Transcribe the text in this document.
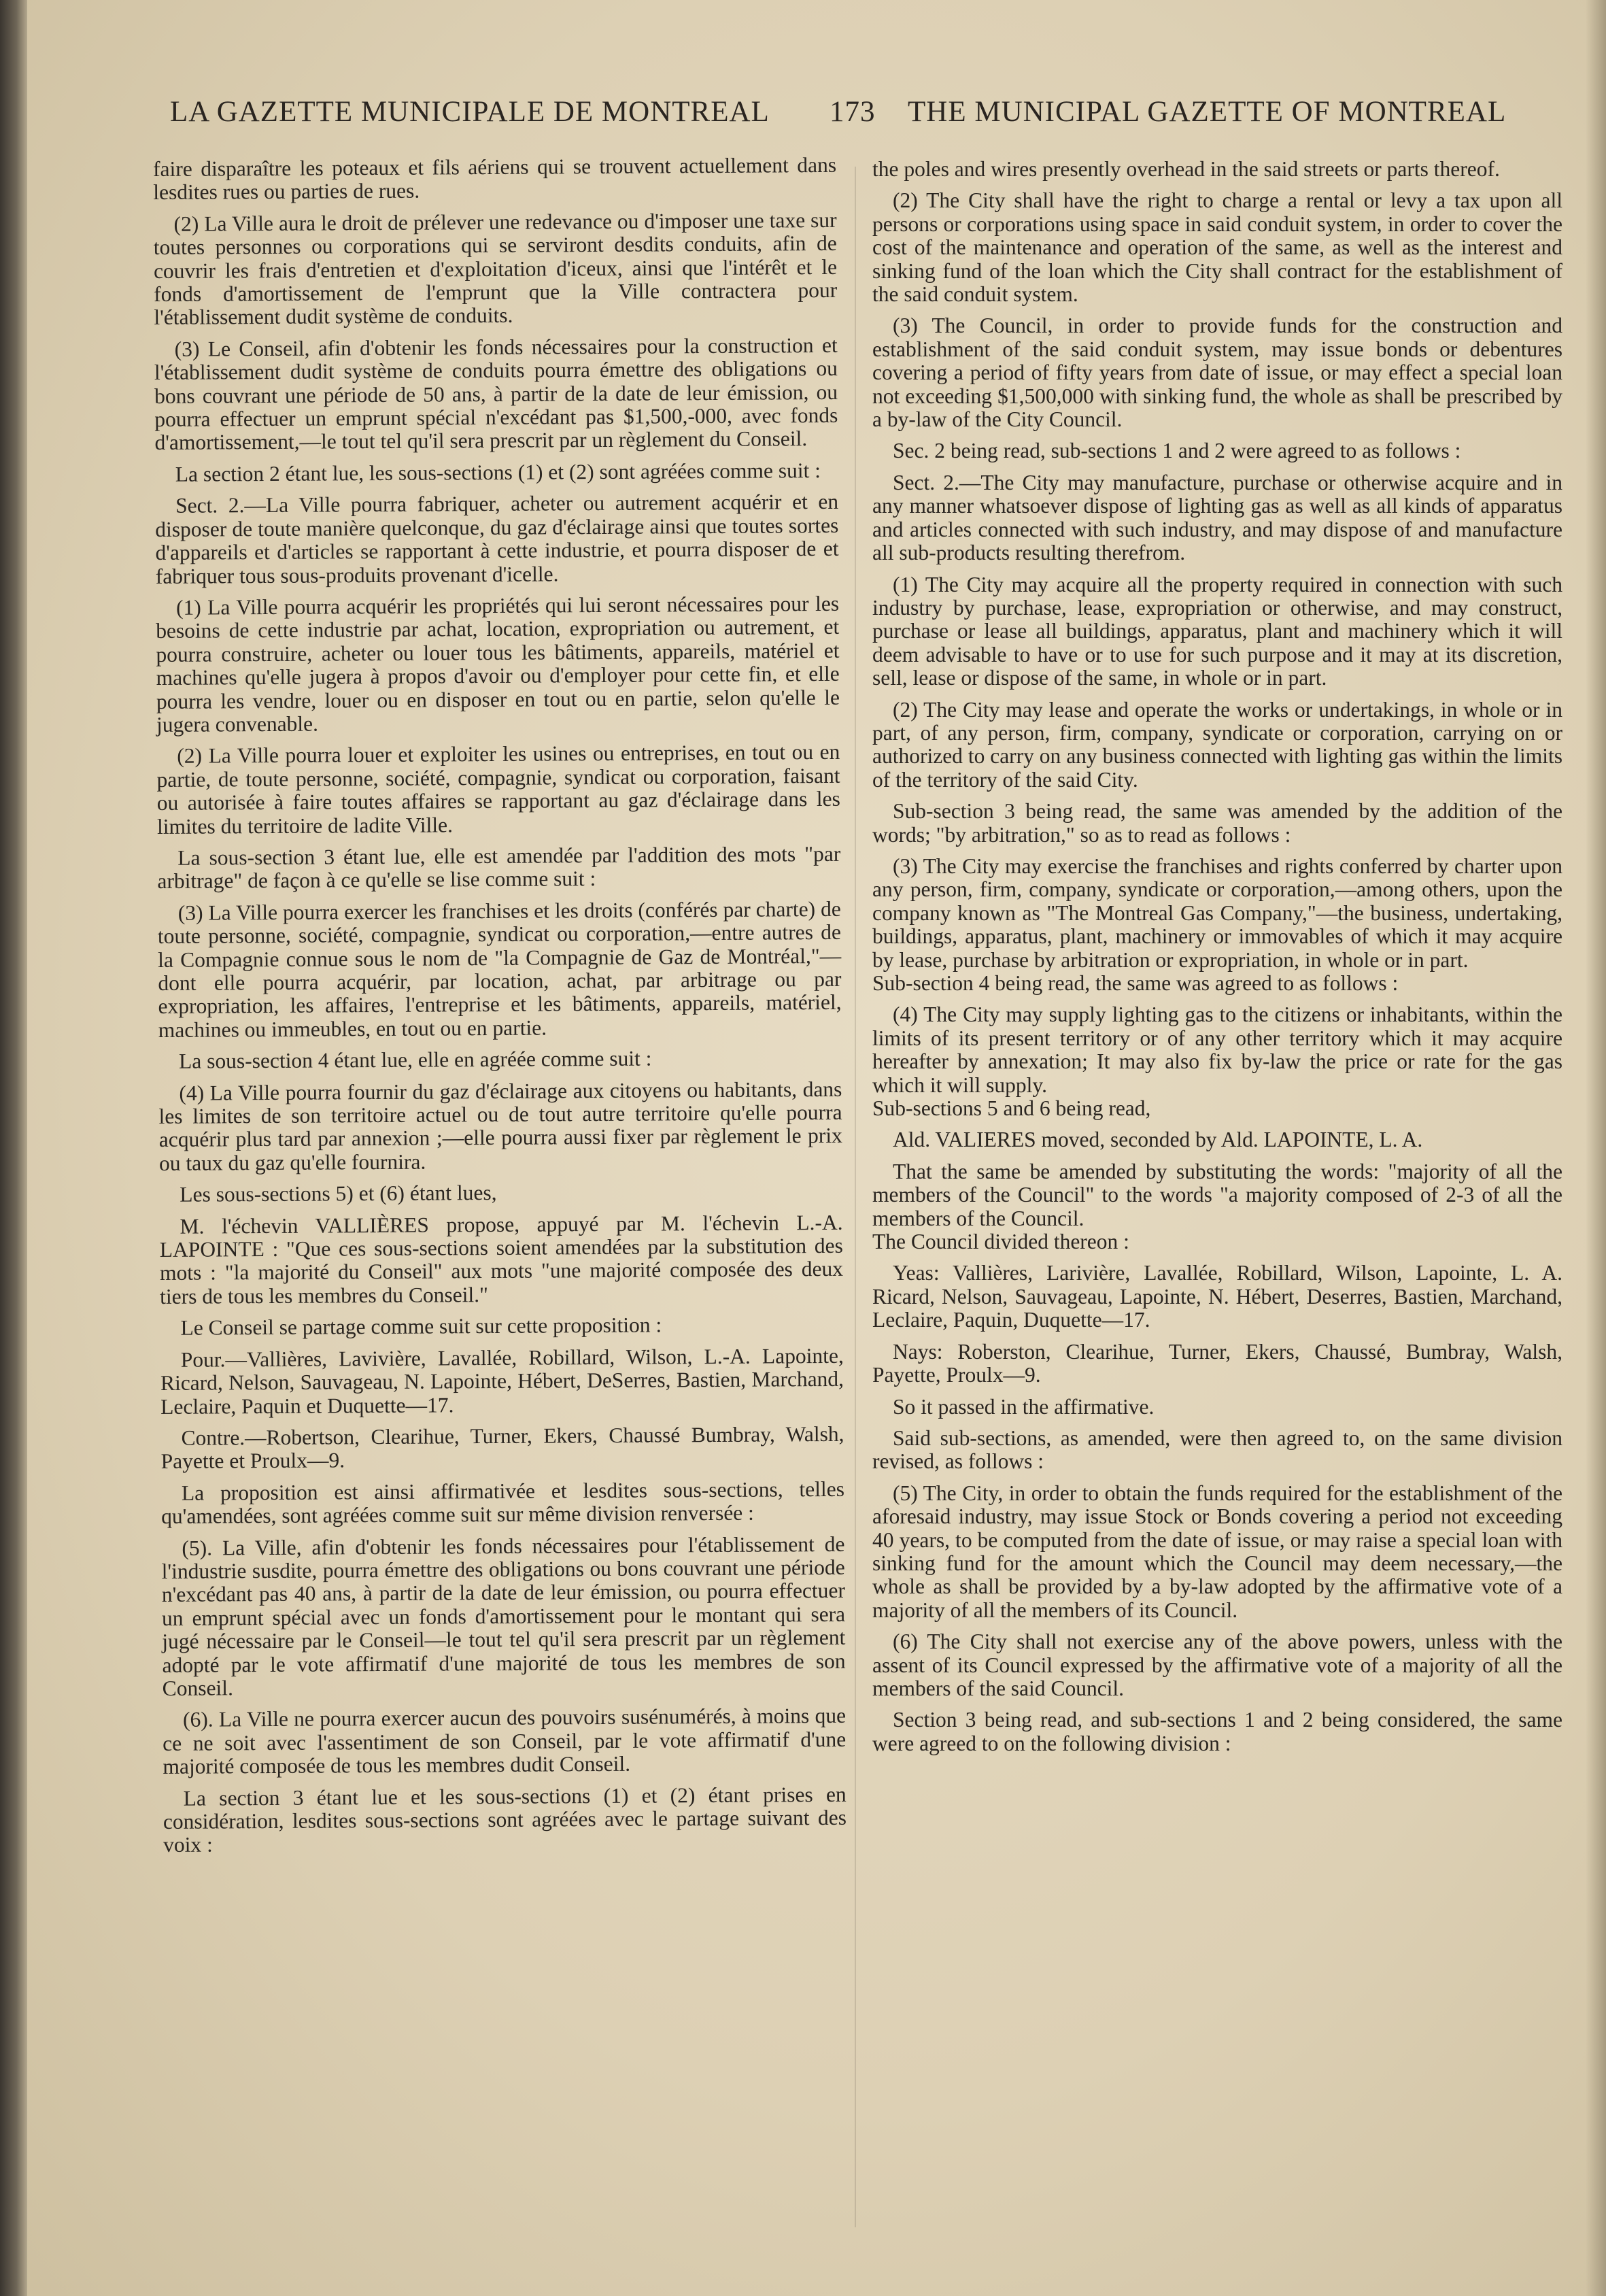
LA GAZETTE MUNICIPALE DE MONTREAL 173 THE MUNICIPAL GAZETTE OF MONTREAL

faire disparaître les poteaux et fils aériens qui se trouvent actuellement dans lesdites rues ou parties de rues.

(2) La Ville aura le droit de prélever une redevance ou d'imposer une taxe sur toutes personnes ou corporations qui se serviront desdits conduits, afin de couvrir les frais d'entretien et d'exploitation d'iceux, ainsi que l'intérêt et le fonds d'amortissement de l'emprunt que la Ville contractera pour l'établissement dudit système de conduits.

(3) Le Conseil, afin d'obtenir les fonds nécessaires pour la construction et l'établissement dudit système de conduits pourra émettre des obligations ou bons couvrant une période de 50 ans, à partir de la date de leur émission, ou pourra effectuer un emprunt spécial n'excédant pas $1,500,-000, avec fonds d'amortissement,—le tout tel qu'il sera prescrit par un règlement du Conseil.

La section 2 étant lue, les sous-sections (1) et (2) sont agréées comme suit :

Sect. 2.—La Ville pourra fabriquer, acheter ou autrement acquérir et en disposer de toute manière quelconque, du gaz d'éclairage ainsi que toutes sortes d'appareils et d'articles se rapportant à cette industrie, et pourra disposer de et fabriquer tous sous-produits provenant d'icelle.

(1) La Ville pourra acquérir les propriétés qui lui seront nécessaires pour les besoins de cette industrie par achat, location, expropriation ou autrement, et pourra construire, acheter ou louer tous les bâtiments, appareils, matériel et machines qu'elle jugera à propos d'avoir ou d'employer pour cette fin, et elle pourra les vendre, louer ou en disposer en tout ou en partie, selon qu'elle le jugera convenable.

(2) La Ville pourra louer et exploiter les usines ou entreprises, en tout ou en partie, de toute personne, société, compagnie, syndicat ou corporation, faisant ou autorisée à faire toutes affaires se rapportant au gaz d'éclairage dans les limites du territoire de ladite Ville.

La sous-section 3 étant lue, elle est amendée par l'addition des mots "par arbitrage" de façon à ce qu'elle se lise comme suit :

(3) La Ville pourra exercer les franchises et les droits (conférés par charte) de toute personne, société, compagnie, syndicat ou corporation,—entre autres de la Compagnie connue sous le nom de "la Compagnie de Gaz de Montréal,"—dont elle pourra acquérir, par location, achat, par arbitrage ou par expropriation, les affaires, l'entreprise et les bâtiments, appareils, matériel, machines ou immeubles, en tout ou en partie.

La sous-section 4 étant lue, elle en agréée comme suit :

(4) La Ville pourra fournir du gaz d'éclairage aux citoyens ou habitants, dans les limites de son territoire actuel ou de tout autre territoire qu'elle pourra acquérir plus tard par annexion ;—elle pourra aussi fixer par règlement le prix ou taux du gaz qu'elle fournira.

Les sous-sections 5) et (6) étant lues,

M. l'échevin VALLIÈRES propose, appuyé par M. l'échevin L.-A. LAPOINTE : "Que ces sous-sections soient amendées par la substitution des mots : "la majorité du Conseil" aux mots "une majorité composée des deux tiers de tous les membres du Conseil."

Le Conseil se partage comme suit sur cette proposition :

Pour.—Vallières, Lavivière, Lavallée, Robillard, Wilson, L.-A. Lapointe, Ricard, Nelson, Sauvageau, N. Lapointe, Hébert, DeSerres, Bastien, Marchand, Leclaire, Paquin et Duquette—17.

Contre.—Robertson, Clearihue, Turner, Ekers, Chaussé Bumbray, Walsh, Payette et Proulx—9.

La proposition est ainsi affirmativée et lesdites sous-sections, telles qu'amendées, sont agréées comme suit sur même division renversée :

(5). La Ville, afin d'obtenir les fonds nécessaires pour l'établissement de l'industrie susdite, pourra émettre des obligations ou bons couvrant une période n'excédant pas 40 ans, à partir de la date de leur émission, ou pourra effectuer un emprunt spécial avec un fonds d'amortissement pour le montant qui sera jugé nécessaire par le Conseil—le tout tel qu'il sera prescrit par un règlement adopté par le vote affirmatif d'une majorité de tous les membres de son Conseil.

(6). La Ville ne pourra exercer aucun des pouvoirs susénumérés, à moins que ce ne soit avec l'assentiment de son Conseil, par le vote affirmatif d'une majorité composée de tous les membres dudit Conseil.

La section 3 étant lue et les sous-sections (1) et (2) étant prises en considération, lesdites sous-sections sont agréées avec le partage suivant des voix :

the poles and wires presently overhead in the said streets or parts thereof.

(2) The City shall have the right to charge a rental or levy a tax upon all persons or corporations using space in said conduit system, in order to cover the cost of the maintenance and operation of the same, as well as the interest and sinking fund of the loan which the City shall contract for the establishment of the said conduit system.

(3) The Council, in order to provide funds for the construction and establishment of the said conduit system, may issue bonds or debentures covering a period of fifty years from date of issue, or may effect a special loan not exceeding $1,500,000 with sinking fund, the whole as shall be prescribed by a by-law of the City Council.

Sec. 2 being read, sub-sections 1 and 2 were agreed to as follows :

Sect. 2.—The City may manufacture, purchase or otherwise acquire and in any manner whatsoever dispose of lighting gas as well as all kinds of apparatus and articles connected with such industry, and may dispose of and manufacture all sub-products resulting therefrom.

(1) The City may acquire all the property required in connection with such industry by purchase, lease, expropriation or otherwise, and may construct, purchase or lease all buildings, apparatus, plant and machinery which it will deem advisable to have or to use for such purpose and it may at its discretion, sell, lease or dispose of the same, in whole or in part.

(2) The City may lease and operate the works or undertakings, in whole or in part, of any person, firm, company, syndicate or corporation, carrying on or authorized to carry on any business connected with lighting gas within the limits of the territory of the said City.

Sub-section 3 being read, the same was amended by the addition of the words; "by arbitration," so as to read as follows :

(3) The City may exercise the franchises and rights conferred by charter upon any person, firm, company, syndicate or corporation,—among others, upon the company known as "The Montreal Gas Company,"—the business, undertaking, buildings, apparatus, plant, machinery or immovables of which it may acquire by lease, purchase by arbitration or expropriation, in whole or in part.
Sub-section 4 being read, the same was agreed to as follows :

(4) The City may supply lighting gas to the citizens or inhabitants, within the limits of its present territory or of any other territory which it may acquire hereafter by annexation; It may also fix by-law the price or rate for the gas which it will supply.
Sub-sections 5 and 6 being read,

Ald. VALIERES moved, seconded by Ald. LAPOINTE, L. A.

That the same be amended by substituting the words: "majority of all the members of the Council" to the words "a majority composed of 2-3 of all the members of the Council.
The Council divided thereon :

Yeas: Vallières, Larivière, Lavallée, Robillard, Wilson, Lapointe, L. A. Ricard, Nelson, Sauvageau, Lapointe, N. Hébert, Deserres, Bastien, Marchand, Leclaire, Paquin, Duquette—17.

Nays: Roberston, Clearihue, Turner, Ekers, Chaussé, Bumbray, Walsh, Payette, Proulx—9.

So it passed in the affirmative.

Said sub-sections, as amended, were then agreed to, on the same division revised, as follows :

(5) The City, in order to obtain the funds required for the establishment of the aforesaid industry, may issue Stock or Bonds covering a period not exceeding 40 years, to be computed from the date of issue, or may raise a special loan with sinking fund for the amount which the Council may deem necessary,—the whole as shall be provided by a by-law adopted by the affirmative vote of a majority of all the members of its Council.

(6) The City shall not exercise any of the above powers, unless with the assent of its Council expressed by the affirmative vote of a majority of all the members of the said Council.

Section 3 being read, and sub-sections 1 and 2 being considered, the same were agreed to on the following division :
